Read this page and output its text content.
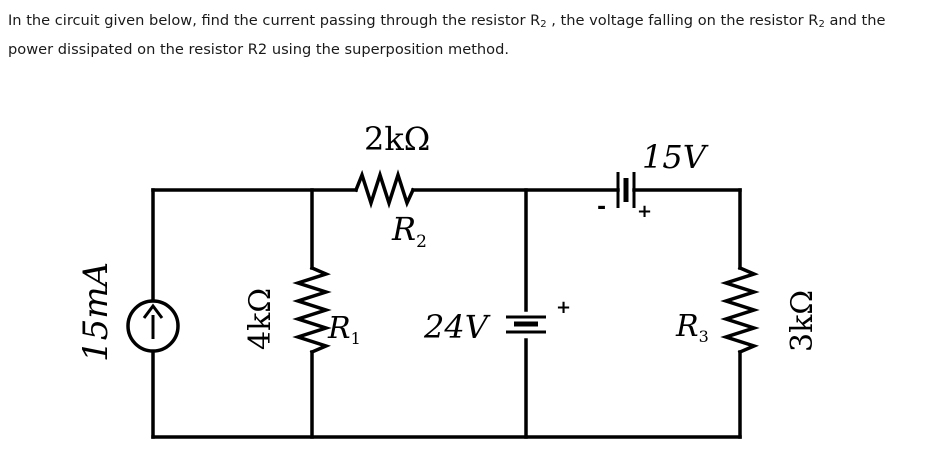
In the circuit given below, find the current passing through the resistor $R_2$ , the voltage falling on the resistor $R_2$ and the power dissipated on the resistor R2 using the superposition method.
15mA	4kΩ $R_1$
2kΩ
$R_2$
24V
+
15V
- +
$R_3$	3kΩ
